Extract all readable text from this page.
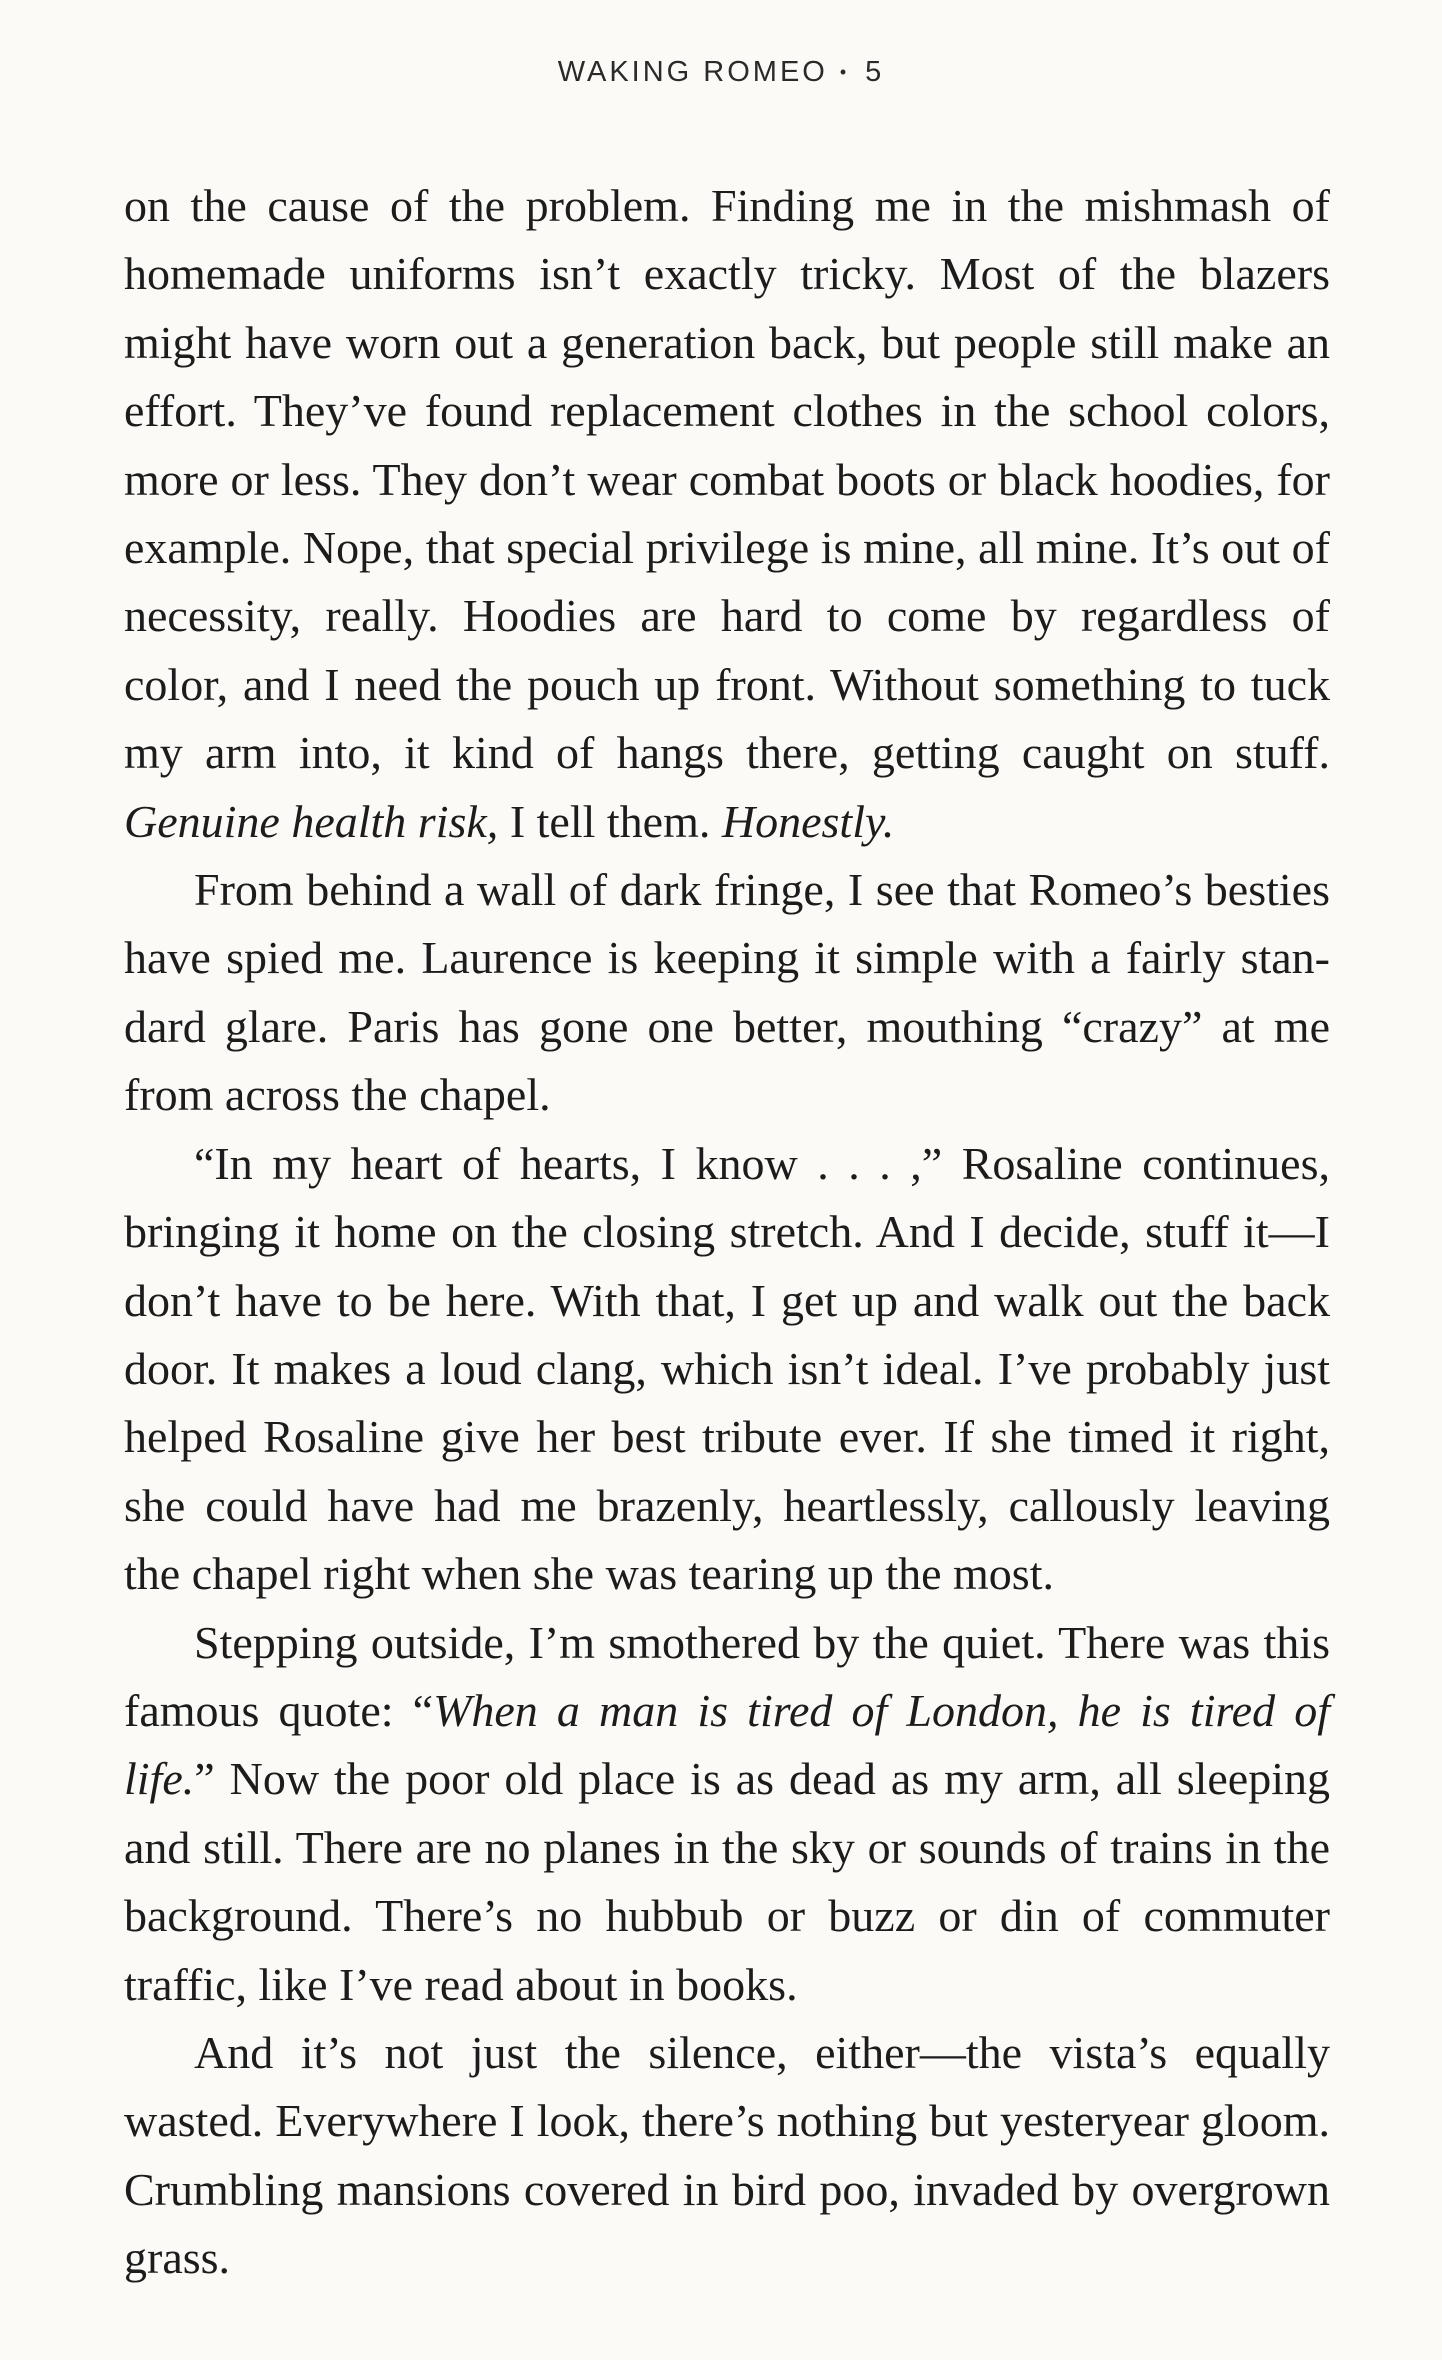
WAKING ROMEO • 5

on the cause of the problem. Finding me in the mishmash of homemade uniforms isn’t exactly tricky. Most of the blazers might have worn out a generation back, but people still make an effort. They’ve found replacement clothes in the school colors, more or less. They don’t wear combat boots or black hoodies, for example. Nope, that special privilege is mine, all mine. It’s out of necessity, really. Hoodies are hard to come by regardless of color, and I need the pouch up front. Without something to tuck my arm into, it kind of hangs there, getting caught on stuff. Genuine health risk, I tell them. Honestly.

From behind a wall of dark fringe, I see that Romeo’s besties have spied me. Laurence is keeping it simple with a fairly standard glare. Paris has gone one better, mouthing “crazy” at me from across the chapel.

“In my heart of hearts, I know . . . ,” Rosaline continues, bringing it home on the closing stretch. And I decide, stuff it—I don’t have to be here. With that, I get up and walk out the back door. It makes a loud clang, which isn’t ideal. I’ve probably just helped Rosaline give her best tribute ever. If she timed it right, she could have had me brazenly, heartlessly, callously leaving the chapel right when she was tearing up the most.

Stepping outside, I’m smothered by the quiet. There was this famous quote: “When a man is tired of London, he is tired of life.” Now the poor old place is as dead as my arm, all sleeping and still. There are no planes in the sky or sounds of trains in the background. There’s no hubbub or buzz or din of commuter traffic, like I’ve read about in books.

And it’s not just the silence, either—the vista’s equally wasted. Everywhere I look, there’s nothing but yesteryear gloom. Crumbling mansions covered in bird poo, invaded by overgrown grass.
